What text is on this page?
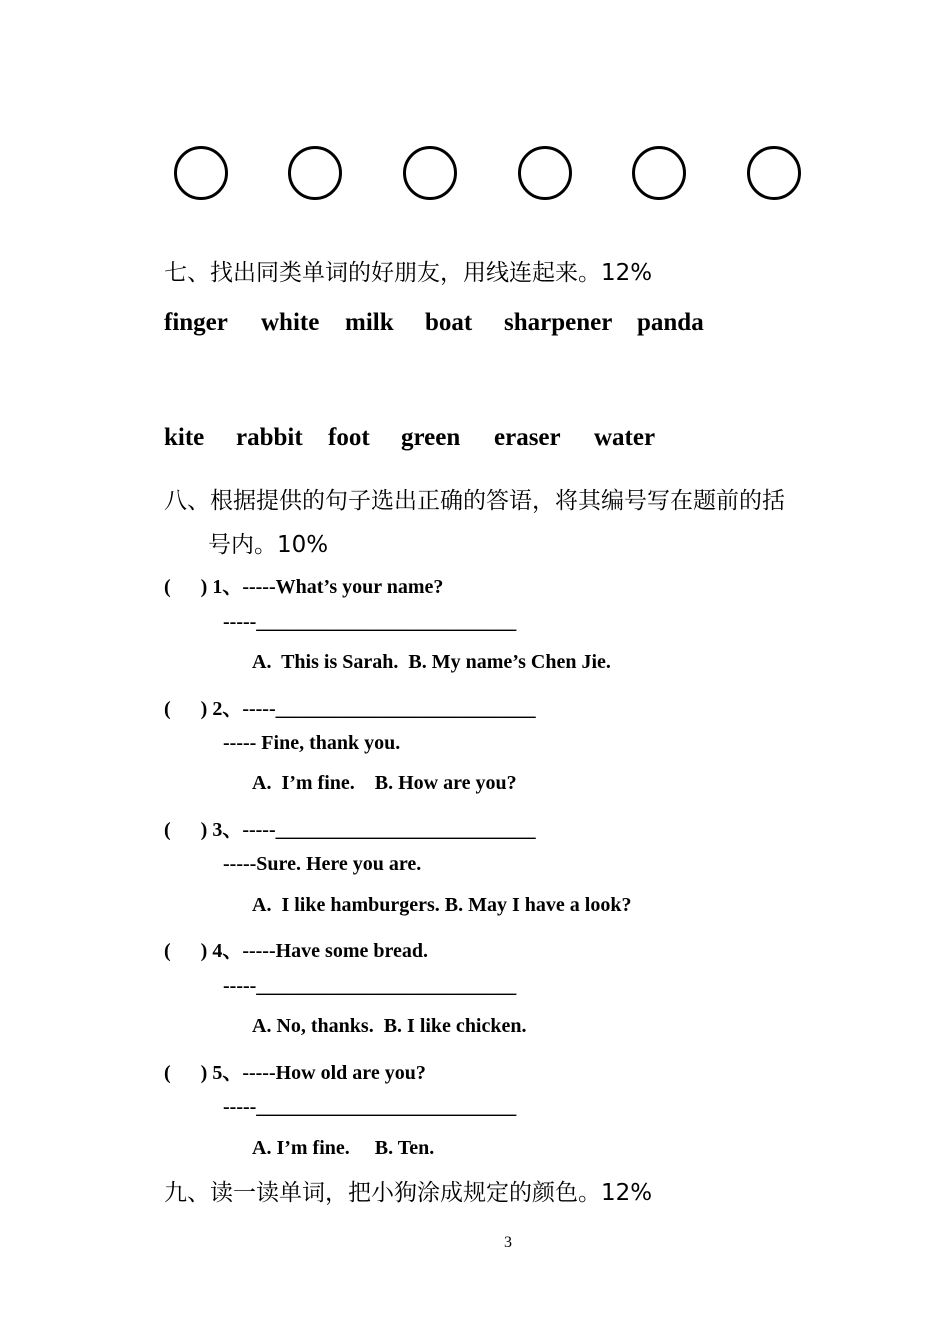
七、找出同类单词的好朋友，用线连起来。12%
finger white milk boat sharpener panda
kite rabbit foot green eraser water
八、根据提供的句子选出正确的答语，将其编号写在题前的括
号内。10%
(      ) 1、-----What’s your name?
-----__________________________
A.  This is Sarah.  B. My name’s Chen Jie.
(      ) 2、-----__________________________
----- Fine, thank you.
A.  I’m fine.    B. How are you?
(      ) 3、-----__________________________
-----Sure. Here you are.
A.  I like hamburgers. B. May I have a look?
(      ) 4、-----Have some bread.
-----__________________________
A. No, thanks.  B. I like chicken.
(      ) 5、-----How old are you?
-----__________________________
A. I’m fine.     B. Ten.
九、读一读单词，把小狗涂成规定的颜色。12%
3
